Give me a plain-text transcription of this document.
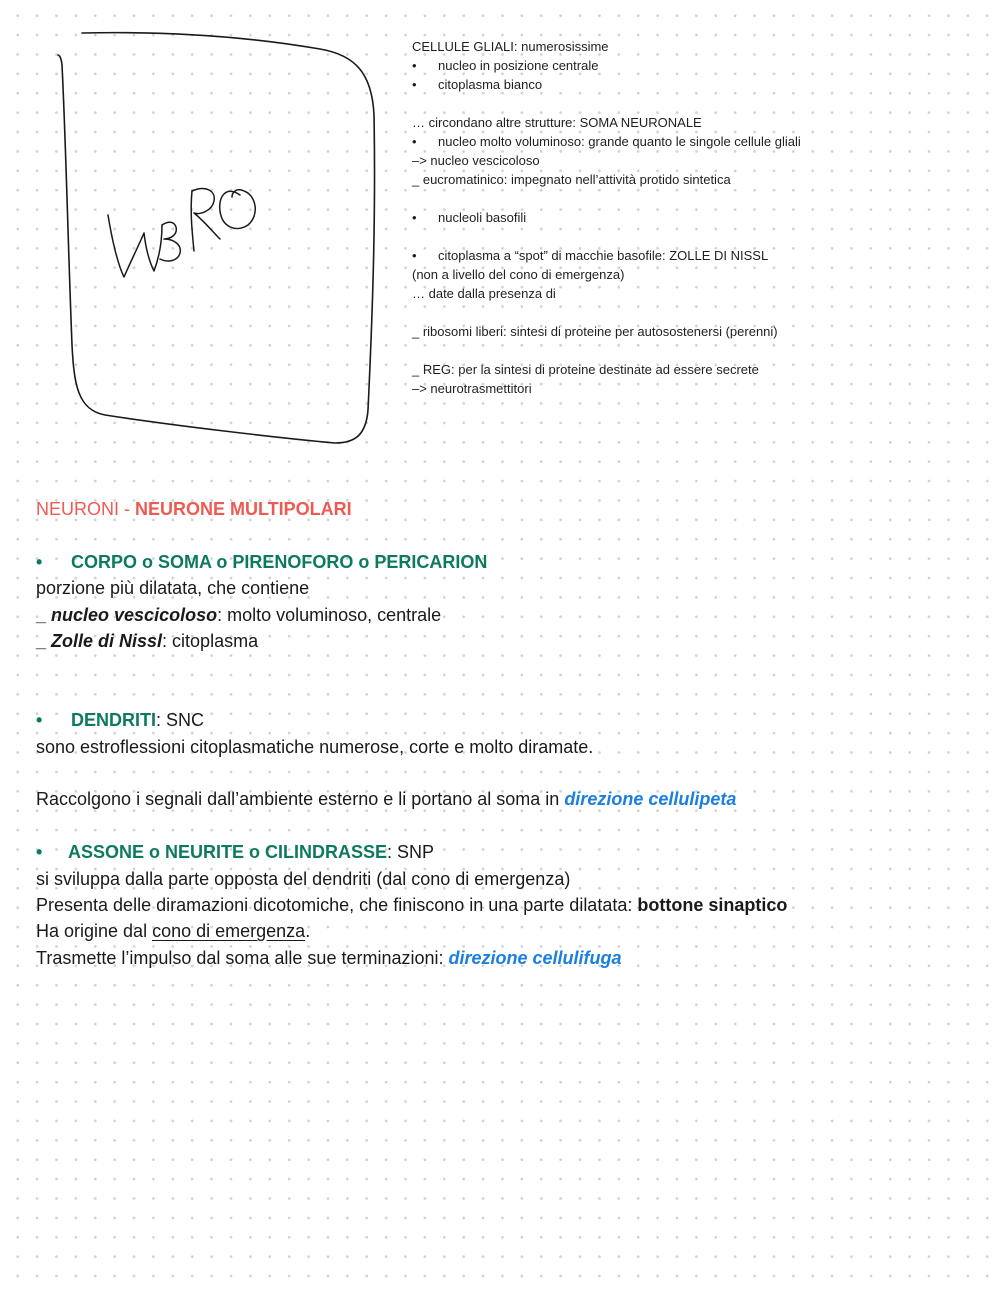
LIBRO
CELLULE GLIALI: numerosissime
• nucleo in posizione centrale
• citoplasma bianco
… circondano altre strutture: SOMA NEURONALE
• nucleo molto voluminoso: grande quanto le singole cellule gliali
–> nucleo vescicoloso
_ eucromatinico: impegnato nell’attività protido sintetica
• nucleoli basofili
• citoplasma a “spot” di macchie basofile: ZOLLE DI NISSL
(non a livello del cono di emergenza)
… date dalla presenza di
_ ribosomi liberi: sintesi di proteine per autosostenersi (perenni)
_ REG: per la sintesi di proteine destinate ad essere secrete
–> neurotrasmettitori
NEURONI - NEURONE MULTIPOLARI
• CORPO o SOMA o PIRENOFORO o PERICARION
porzione più dilatata, che contiene
_ nucleo vescicoloso: molto voluminoso, centrale
_ Zolle di Nissl: citoplasma
• DENDRITI: SNC
sono estroflessioni citoplasmatiche numerose, corte e molto diramate.
Raccolgono i segnali dall’ambiente esterno e li portano al soma in direzione cellulipeta
• ASSONE o NEURITE o CILINDRASSE: SNP
si sviluppa dalla parte opposta del dendriti (dal cono di emergenza)
Presenta delle diramazioni dicotomiche, che finiscono in una parte dilatata: bottone sinaptico
Ha origine dal cono di emergenza.
Trasmette l’impulso dal soma alle sue terminazioni: direzione cellulifuga
